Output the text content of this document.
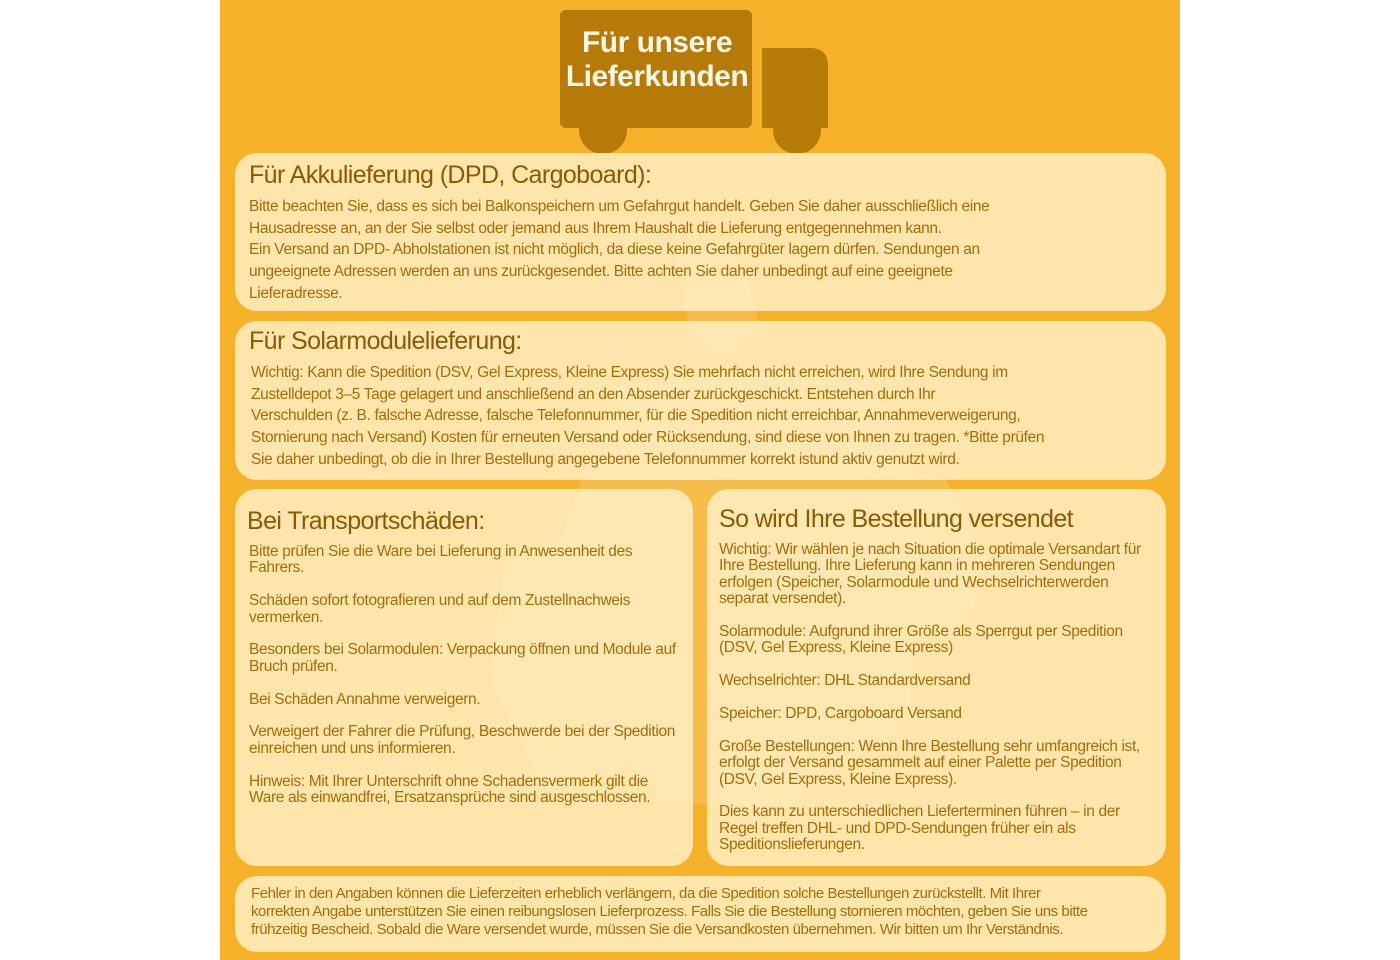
Für unsere
Lieferkunden
Für Akkulieferung (DPD, Cargoboard):

Bitte beachten Sie, dass es sich bei Balkonspeichern um Gefahrgut handelt. Geben Sie daher ausschließlich eine
Hausadresse an, an der Sie selbst oder jemand aus Ihrem Haushalt die Lieferung entgegennehmen kann.
Ein Versand an DPD- Abholstationen ist nicht möglich, da diese keine Gefahrgüter lagern dürfen. Sendungen an
ungeeignete Adressen werden an uns zurückgesendet. Bitte achten Sie daher unbedingt auf eine geeignete
Lieferadresse.

Für Solarmodulelieferung:

Wichtig: Kann die Spedition (DSV, Gel Express, Kleine Express) Sie mehrfach nicht erreichen, wird Ihre Sendung im
Zustelldepot 3–5 Tage gelagert und anschließend an den Absender zurückgeschickt. Entstehen durch Ihr
Verschulden (z. B. falsche Adresse, falsche Telefonnummer, für die Spedition nicht erreichbar, Annahmeverweigerung,
Stornierung nach Versand) Kosten für erneuten Versand oder Rücksendung, sind diese von Ihnen zu tragen. *Bitte prüfen
Sie daher unbedingt, ob die in Ihrer Bestellung angegebene Telefonnummer korrekt istund aktiv genutzt wird.

Bei Transportschäden:

Bitte prüfen Sie die Ware bei Lieferung in Anwesenheit des Fahrers.

Schäden sofort fotografieren und auf dem Zustellnachweis vermerken.

Besonders bei Solarmodulen: Verpackung öffnen und Module auf Bruch prüfen.

Bei Schäden Annahme verweigern.

Verweigert der Fahrer die Prüfung, Beschwerde bei der Spedition einreichen und uns informieren.

Hinweis: Mit Ihrer Unterschrift ohne Schadensvermerk gilt die Ware als einwandfrei, Ersatzansprüche sind ausgeschlossen.

So wird Ihre Bestellung versendet

Wichtig: Wir wählen je nach Situation die optimale Versandart für Ihre Bestellung. Ihre Lieferung kann in mehreren Sendungen erfolgen (Speicher, Solarmodule und Wechselrichterwerden separat versendet).

Solarmodule: Aufgrund ihrer Größe als Sperrgut per Spedition (DSV, Gel Express, Kleine Express)

Wechselrichter: DHL Standardversand

Speicher: DPD, Cargoboard Versand

Große Bestellungen: Wenn Ihre Bestellung sehr umfangreich ist, erfolgt der Versand gesammelt auf einer Palette per Spedition (DSV, Gel Express, Kleine Express).

Dies kann zu unterschiedlichen Lieferterminen führen – in der Regel treffen DHL- und DPD-Sendungen früher ein als Speditionslieferungen.

Fehler in den Angaben können die Lieferzeiten erheblich verlängern, da die Spedition solche Bestellungen zurückstellt. Mit Ihrer
korrekten Angabe unterstützen Sie einen reibungslosen Lieferprozess. Falls Sie die Bestellung stornieren möchten, geben Sie uns bitte
frühzeitig Bescheid. Sobald die Ware versendet wurde, müssen Sie die Versandkosten übernehmen. Wir bitten um Ihr Verständnis.
